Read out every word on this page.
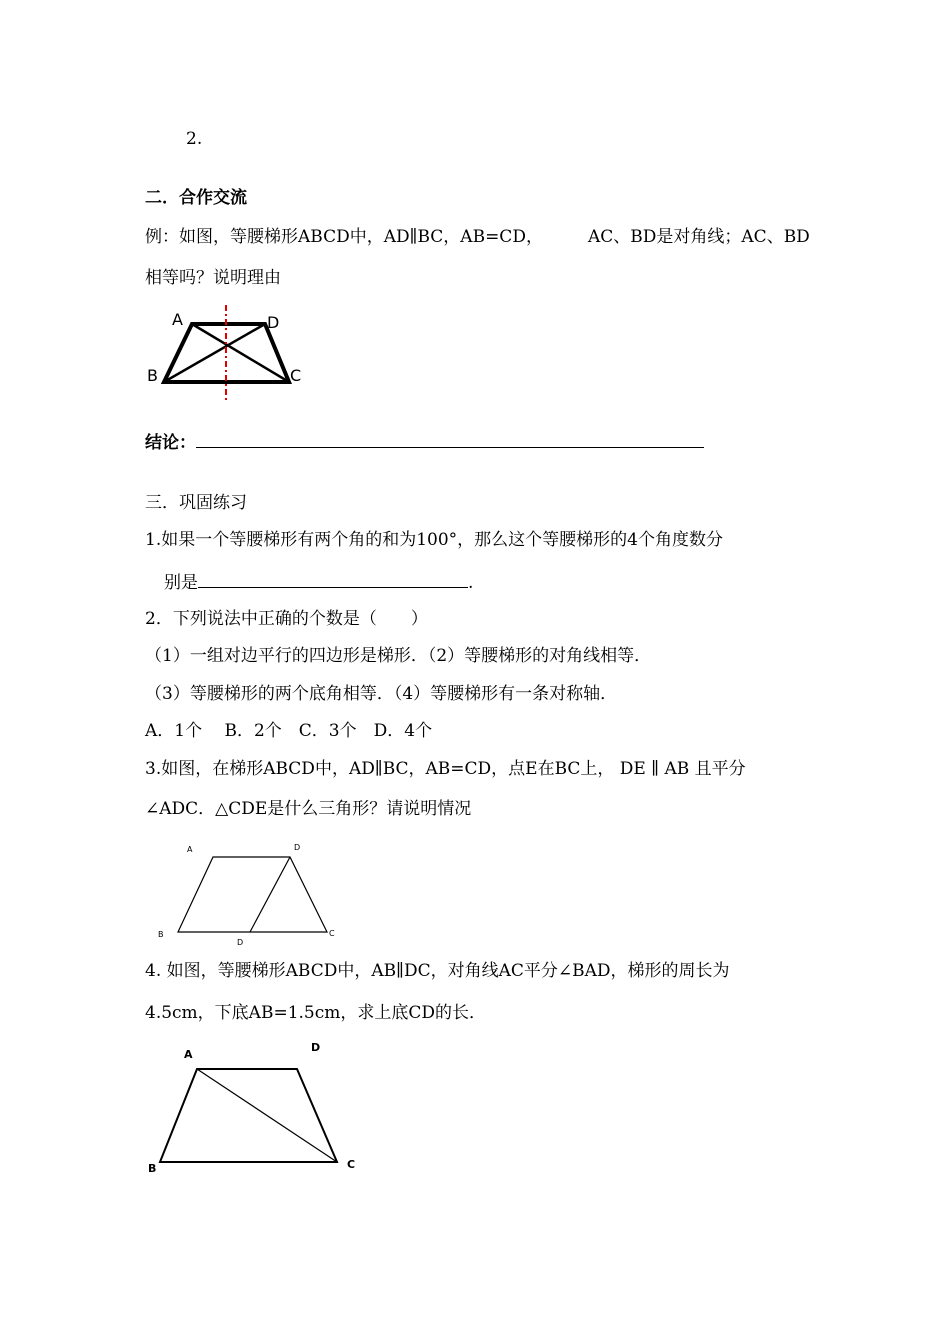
2.
二．合作交流
例：如图，等腰梯形ABCD中，AD∥BC，AB=CD，	AC、BD是对角线；AC、BD
相等吗？说明理由
A	D
B	C
结论：
三．巩固练习
1.如果一个等腰梯形有两个角的和为100°，那么这个等腰梯形的4个角度数分
别是	.
2．下列说法中正确的个数是（　　）
（1）一组对边平行的四边形是梯形．（2）等腰梯形的对角线相等．
（3）等腰梯形的两个底角相等．（4）等腰梯形有一条对称轴．
A．1个　 B．2个　C．3个　D．4个
3.如图，在梯形ABCD中，AD∥BC，AB=CD，点E在BC上， DE ∥ AB 且平分
∠ADC．△CDE是什么三角形？请说明情况
A	D
B
D
C
4. 如图，等腰梯形ABCD中，AB∥DC，对角线AC平分∠BAD，梯形的周长为
4.5cm，下底AB=1.5cm，求上底CD的长．
A
D
B	C
